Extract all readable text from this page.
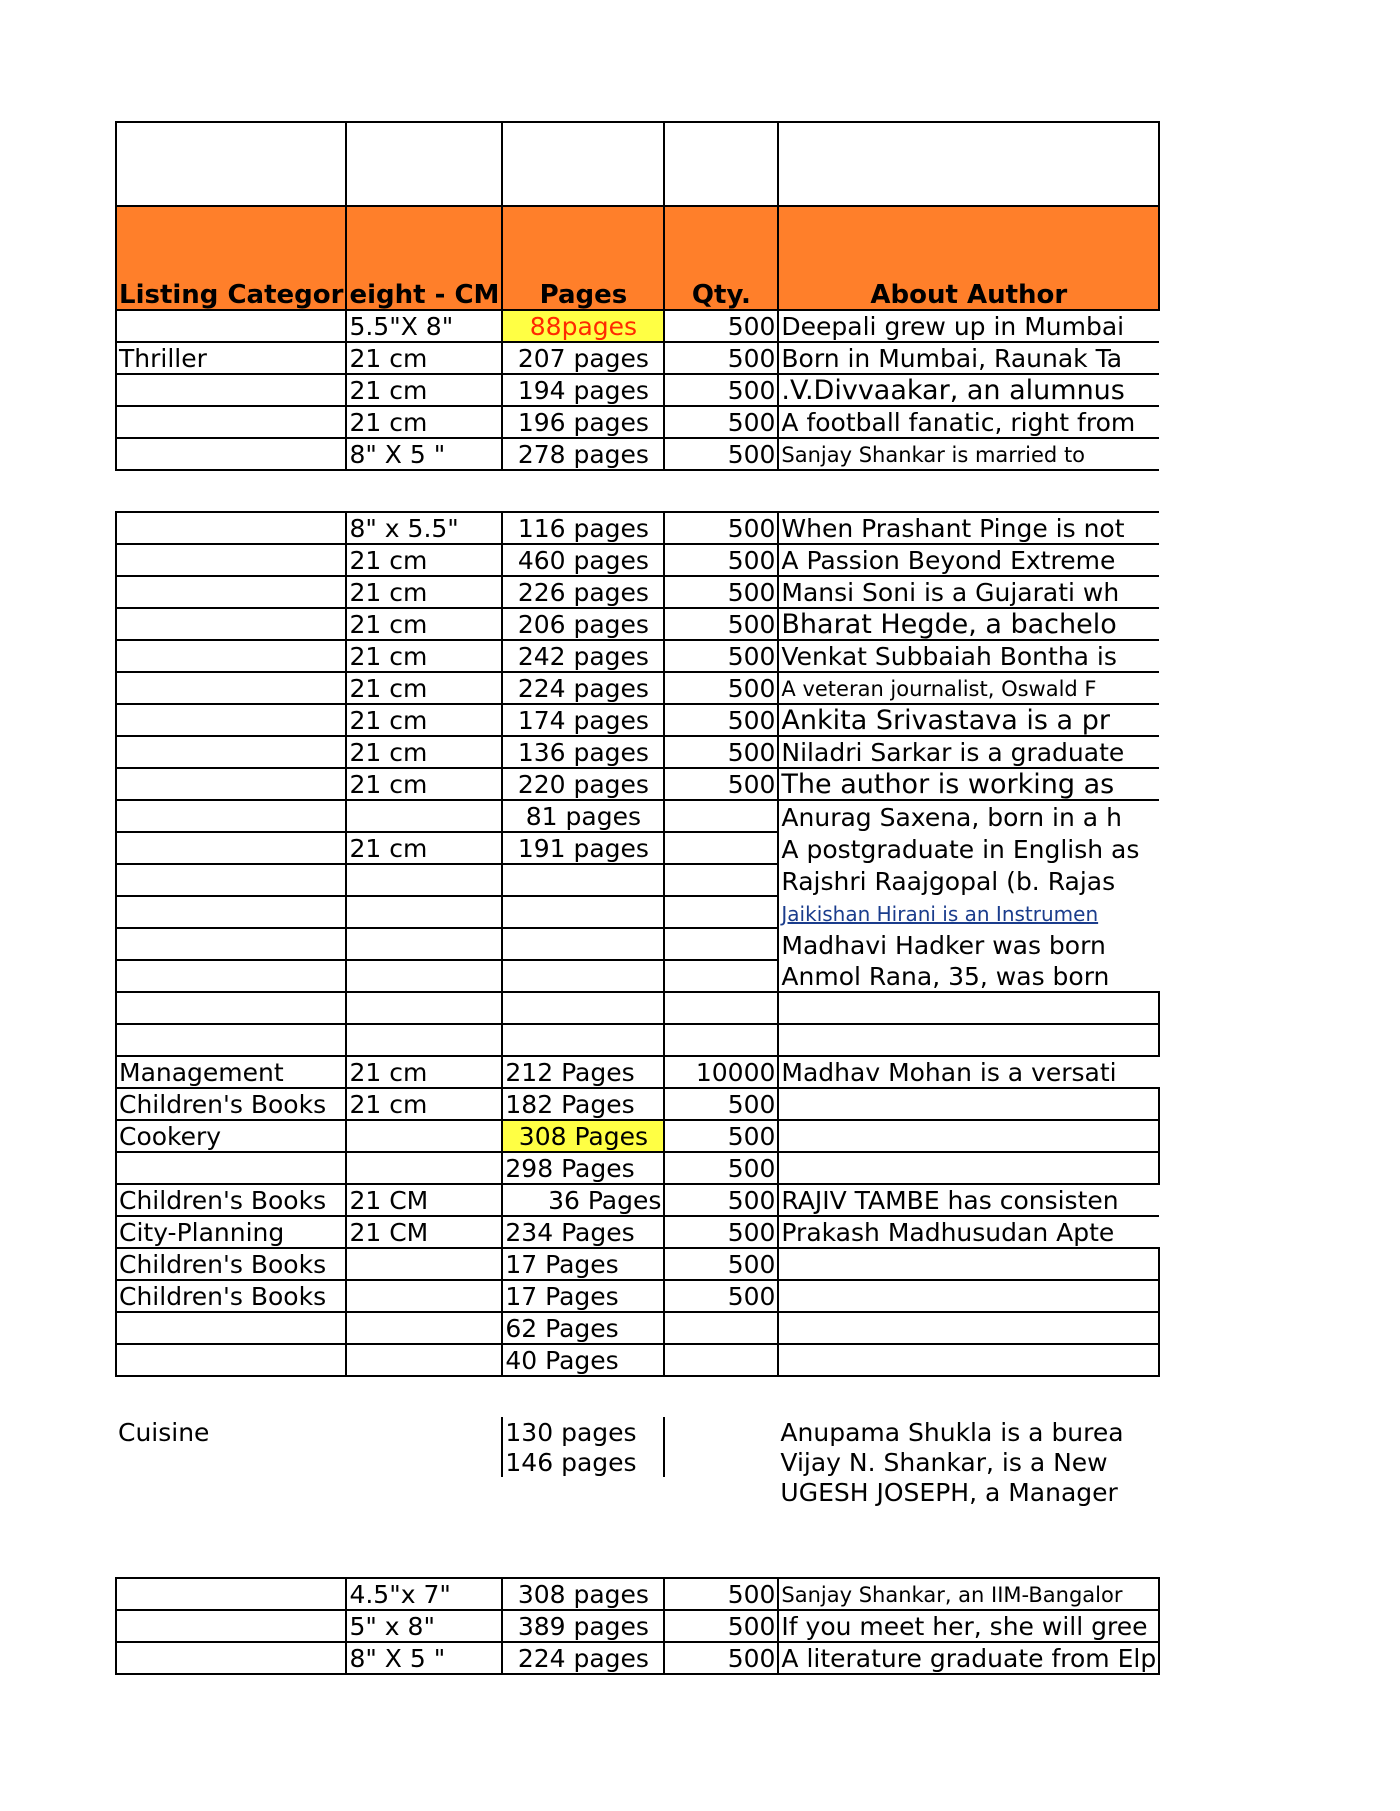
Listing Categor	eight - CM	Pages	Qty.	About Author
	5.5"X 8"	88pages	500	Deepali grew up in Mumbai
Thriller	21 cm	207 pages	500	Born in Mumbai, Raunak Ta
	21 cm	194 pages	500	.V.Divvaakar, an alumnus
	21 cm	196 pages	500	A football fanatic, right from
	8" X 5 "	278 pages	500	Sanjay Shankar is married to

	8" x 5.5"	116 pages	500	When Prashant Pinge is not
	21 cm	460 pages	500	A Passion Beyond Extreme
	21 cm	226 pages	500	Mansi Soni is a Gujarati wh
	21 cm	206 pages	500	Bharat Hegde, a bachelo
	21 cm	242 pages	500	Venkat Subbaiah Bontha is
	21 cm	224 pages	500	A veteran journalist, Oswald F
	21 cm	174 pages	500	Ankita Srivastava is a pr
	21 cm	136 pages	500	Niladri Sarkar is a graduate
	21 cm	220 pages	500	The author is working as
		81 pages		Anurag Saxena, born in a h
	21 cm	191 pages		A postgraduate in English as
				Rajshri Raajgopal (b. Rajas
				Jaikishan Hirani is an Instrumen
				Madhavi Hadker was born
				Anmol Rana, 35, was born

Management	21 cm	212 Pages	10000	Madhav Mohan is a versati
Children's Books	21 cm	182 Pages	500	
Cookery		308 Pages	500	
		298 Pages	500	
Children's Books	21 CM	36 Pages	500	RAJIV TAMBE has consisten
City-Planning	21 CM	234 Pages	500	Prakash Madhusudan Apte
Children's Books		17 Pages	500	
Children's Books		17 Pages	500	
		62 Pages		
		40 Pages		

Cuisine		130 pages		Anupama Shukla is a burea
		146 pages		Vijay N. Shankar, is a New
				UGESH JOSEPH, a Manager

	4.5"x 7"	308 pages	500	Sanjay Shankar, an IIM-Bangalor
	5" x 8"	389 pages	500	If you meet her, she will gree
	8" X 5 "	224 pages	500	A literature graduate from Elp
